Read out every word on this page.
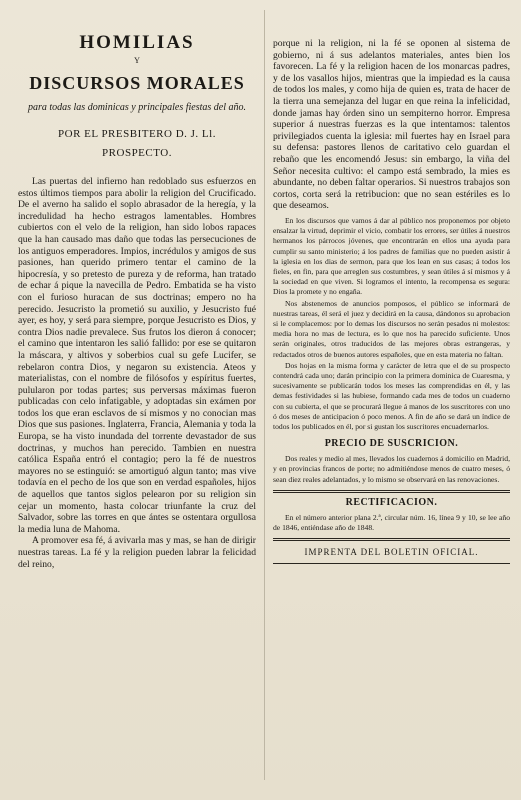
HOMILIAS
Y
DISCURSOS MORALES
para todas las dominicas y principales fiestas del año.
POR EL PRESBITERO D. J. Ll.
PROSPECTO.

Las puertas del infierno han redoblado sus esfuerzos en estos últimos tiempos para abolir la religion del Crucificado. De el averno ha salido el soplo abrasador de la heregía, y la incredulidad ha hecho estragos lamentables. Hombres cubiertos con el velo de la religion, han sido lobos rapaces que la han causado mas daño que todas las persecuciones de los antiguos emperadores. Impios, incrédulos y amigos de sus pasiones, han querido primero tentar el camino de la hipocresía, y so pretesto de pureza y de reforma, han tratado de echar á pique la navecilla de Pedro. Embatida se ha visto con el furioso huracan de sus doctrinas; empero no ha perecido. Jesucristo la prometió su auxilio, y Jesucristo fué ayer, es hoy, y será para siempre, porque Jesucristo es Dios, y contra Dios nadie prevalece. Sus frutos los dieron á conocer; el camino que intentaron les salió fallido: por ese se quitaron la máscara, y altivos y soberbios cual su gefe Lucifer, se rebelaron contra Dios, y negaron su existencia. Ateos y materialistas, con el nombre de filósofos y espíritus fuertes, pulularon por todas partes; sus perversas máximas fueron publicadas con celo infatigable, y adoptadas sin exámen por todos los que eran esclavos de sí mismos y no conocian mas Dios que sus pasiones. Inglaterra, Francia, Alemania y toda la Europa, se ha visto inundada del torrente devastador de sus doctrinas, y muchos han perecido. Tambien en nuestra católica España entró el contagio; pero la fé de nuestros mayores no se estinguió: se amortiguó algun tanto; mas vive todavía en el pecho de los que son en verdad españoles, hijos de aquellos que tantos siglos pelearon por su religion sin cejar un momento, hasta colocar triunfante la cruz del Salvador, sobre las torres en que ántes se ostentara orgullosa la media luna de Mahoma.

A promover esa fé, á avivarla mas y mas, se han de dirigir nuestras tareas. La fé y la religion pueden labrar la felicidad del reino,

porque ni la religion, ni la fé se oponen al sistema de gobierno, ni á sus adelantos materiales, antes bien los favorecen. La fé y la religion hacen de los monarcas padres, y de los vasallos hijos, mientras que la impiedad es la causa de todos los males, y como hija de quien es, trata de hacer de la tierra una semejanza del lugar en que reina la infelicidad, donde jamas hay órden sino un sempiterno horror. Empresa superior á nuestras fuerzas es la que intentamos: talentos privilegiados cuenta la iglesia: mil fuertes hay en Israel para su defensa: pastores llenos de caritativo celo guardan el rebaño que les encomendó Jesus: sin embargo, la viña del Señor necesita cultivo: el campo está sembrado, la mies es abundante, no deben faltar operarios. Si nuestros trabajos son cortos, corta será la retribucion: que no sean estériles es lo que deseamos.

En los discursos que vamos á dar al público nos proponemos por objeto ensalzar la virtud, deprimir el vicio, combatir los errores, ser útiles á nuestros hermanos los párrocos jóvenes, que encontrarán en ellos una ayuda para cumplir su santo ministerio; á los padres de familias que no pueden asistir á la iglesia en los dias de sermon, para que los lean en sus casas; á todos los fieles, en fin, para que arreglen sus costumbres, y sean útiles á sí mismos y á la sociedad en que viven. Si logramos el intento, la recompensa es segura: Dios la promete y no engaña.

Nos abstenemos de anuncios pomposos, el público se informará de nuestras tareas, él será el juez y decidirá en la causa, dándonos su aprobacion si le complacemos: por lo demas los discursos no serán pesados ni molestos: media hora no mas de lectura, es lo que nos ha parecido suficiente. Unos serán originales, otros traducidos de las mejores obras estrangeras, y redactados otros de buenos autores españoles, que en esta materia no faltan.

Dos hojas en la misma forma y carácter de letra que el de su prospecto contendrá cada uno; darán principio con la primera dominica de Cuaresma, y sucesivamente se publicarán todos los meses las comprendidas en él, y las demas festividades si las hubiese, formando cada mes de todos un cuaderno con su cubierta, el que se procurará llegue á manos de los suscritores con uno ó dos meses de anticipacion ó poco menos. A fin de año se dará un índice de todos los publicados en él, por si gustan los suscritores encuadernarlos.

PRECIO DE SUSCRICION.

Dos reales y medio al mes, llevados los cuadernos á domicilio en Madrid, y en provincias francos de porte; no admitiéndose menos de cuatro meses, ó sean diez reales adelantados, y lo mismo se observará en las renovaciones.

RECTIFICACION.

En el número anterior plana 2.ª, circular núm. 16, línea 9 y 10, se lee año de 1846, entiéndase año de 1848.

IMPRENTA DEL BOLETIN OFICIAL.
